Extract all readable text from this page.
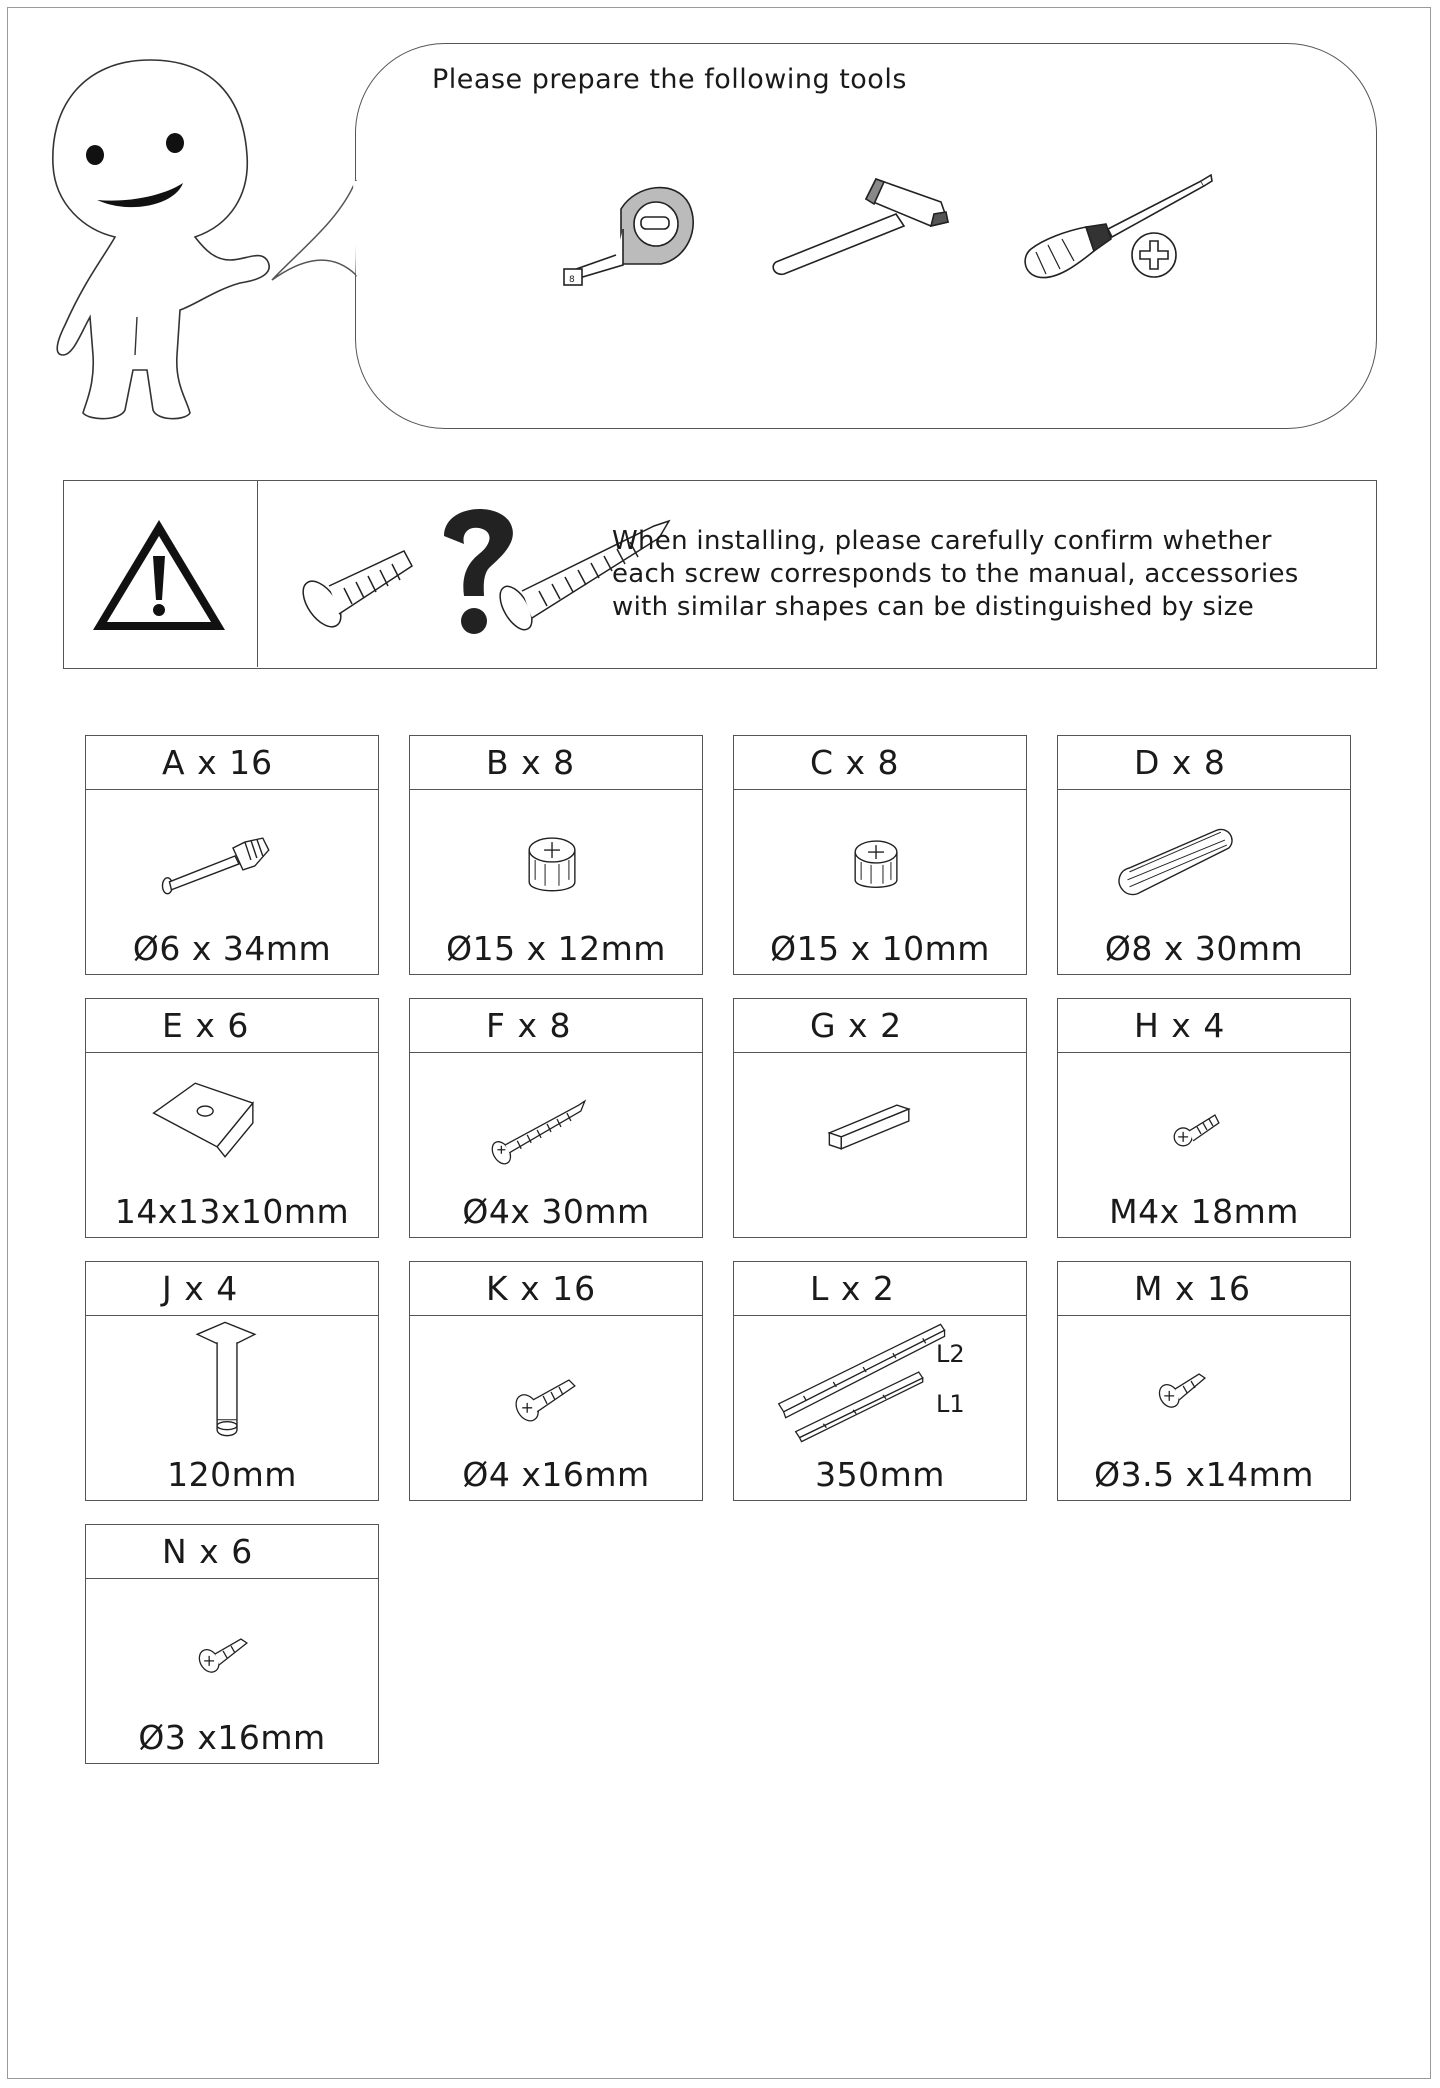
Please prepare the following tools
8
When installing, please carefully confirm whether
each screw corresponds to the manual, accessories
with similar shapes can be distinguished by size
A x 16
Ø6 x 34mm
B x 8
Ø15 x 12mm
C x 8
Ø15 x 10mm
D x 8
Ø8 x 30mm
E x 6
14x13x10mm
F x 8
Ø4x 30mm
G x 2	H x 4
M4x 18mm
J x 4
120mm
K x 16
Ø4 x16mm
L x 2
L2
L1
350mm
M x 16
Ø3.5 x14mm
N x 6
Ø3 x16mm
